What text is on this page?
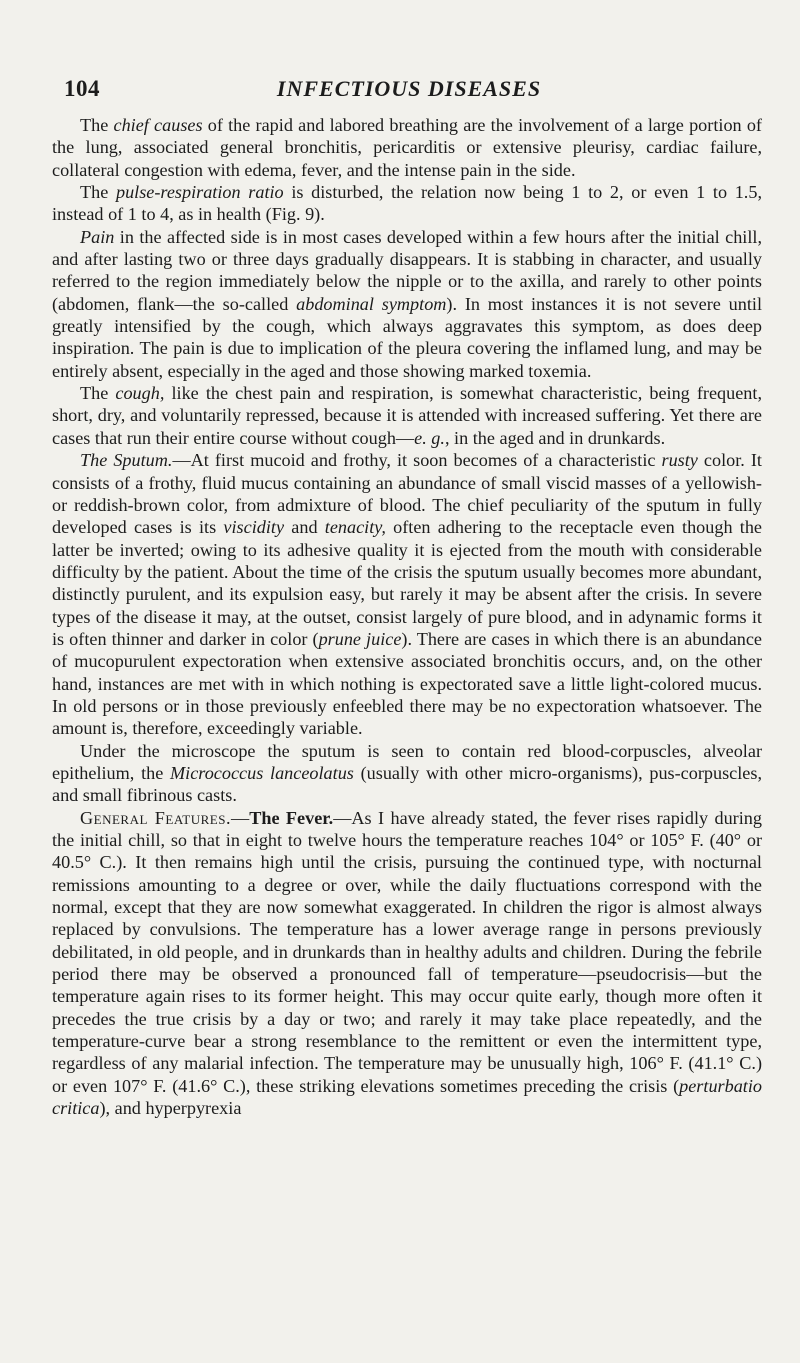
104	INFECTIOUS DISEASES

The chief causes of the rapid and labored breathing are the involvement of a large portion of the lung, associated general bronchitis, pericarditis or extensive pleurisy, cardiac failure, collateral congestion with edema, fever, and the intense pain in the side.

The pulse-respiration ratio is disturbed, the relation now being 1 to 2, or even 1 to 1.5, instead of 1 to 4, as in health (Fig. 9).

Pain in the affected side is in most cases developed within a few hours after the initial chill, and after lasting two or three days gradually disappears. It is stabbing in character, and usually referred to the region immediately below the nipple or to the axilla, and rarely to other points (abdomen, flank—the so-called abdominal symptom). In most instances it is not severe until greatly intensified by the cough, which always aggravates this symptom, as does deep inspiration. The pain is due to implication of the pleura covering the inflamed lung, and may be entirely absent, especially in the aged and those showing marked toxemia.

The cough, like the chest pain and respiration, is somewhat characteristic, being frequent, short, dry, and voluntarily repressed, because it is attended with increased suffering. Yet there are cases that run their entire course without cough—e. g., in the aged and in drunkards.

The Sputum.—At first mucoid and frothy, it soon becomes of a characteristic rusty color. It consists of a frothy, fluid mucus containing an abundance of small viscid masses of a yellowish- or reddish-brown color, from admixture of blood. The chief peculiarity of the sputum in fully developed cases is its viscidity and tenacity, often adhering to the receptacle even though the latter be inverted; owing to its adhesive quality it is ejected from the mouth with considerable difficulty by the patient. About the time of the crisis the sputum usually becomes more abundant, distinctly purulent, and its expulsion easy, but rarely it may be absent after the crisis. In severe types of the disease it may, at the outset, consist largely of pure blood, and in adynamic forms it is often thinner and darker in color (prune juice). There are cases in which there is an abundance of mucopurulent expectoration when extensive associated bronchitis occurs, and, on the other hand, instances are met with in which nothing is expectorated save a little light-colored mucus. In old persons or in those previously enfeebled there may be no expectoration whatsoever. The amount is, therefore, exceedingly variable.

Under the microscope the sputum is seen to contain red blood-corpuscles, alveolar epithelium, the Micrococcus lanceolatus (usually with other micro-organisms), pus-corpuscles, and small fibrinous casts.

General Features.—The Fever.—As I have already stated, the fever rises rapidly during the initial chill, so that in eight to twelve hours the temperature reaches 104° or 105° F. (40° or 40.5° C.). It then remains high until the crisis, pursuing the continued type, with nocturnal remissions amounting to a degree or over, while the daily fluctuations correspond with the normal, except that they are now somewhat exaggerated. In children the rigor is almost always replaced by convulsions. The temperature has a lower average range in persons previously debilitated, in old people, and in drunkards than in healthy adults and children. During the febrile period there may be observed a pronounced fall of temperature—pseudocrisis—but the temperature again rises to its former height. This may occur quite early, though more often it precedes the true crisis by a day or two; and rarely it may take place repeatedly, and the temperature-curve bear a strong resemblance to the remittent or even the intermittent type, regardless of any malarial infection. The temperature may be unusually high, 106° F. (41.1° C.) or even 107° F. (41.6° C.), these striking elevations sometimes preceding the crisis (perturbatio critica), and hyperpyrexia
